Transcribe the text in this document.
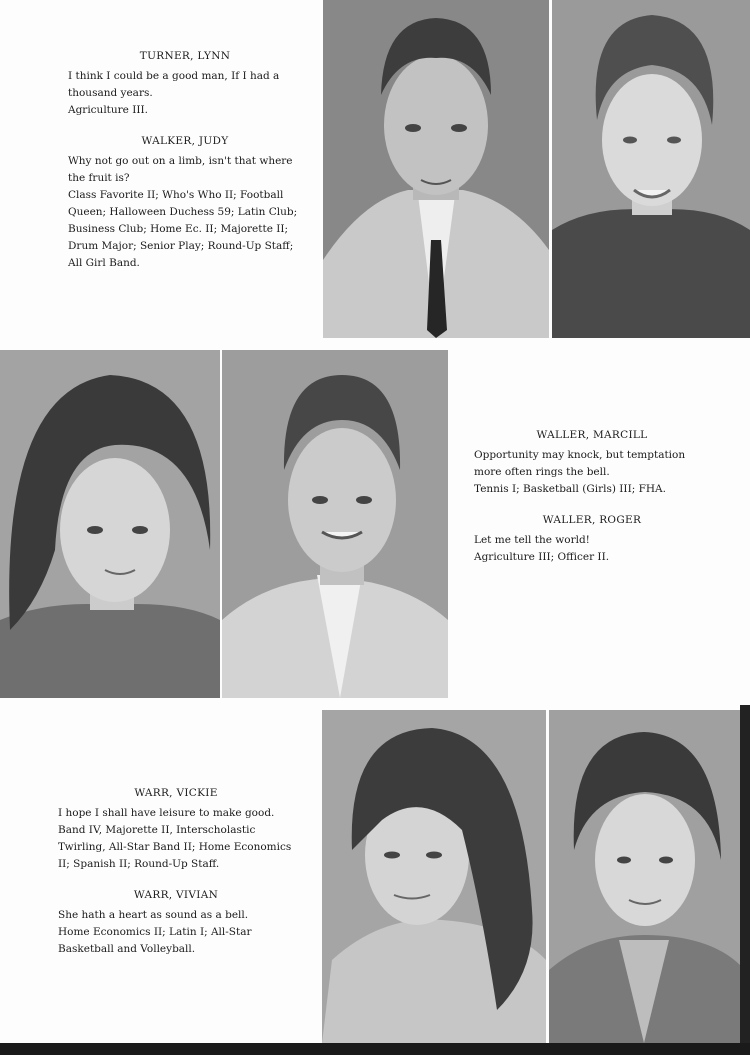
TURNER, LYNN

I think I could be a good man, If I had a thousand years.

Agriculture III.

WALKER, JUDY

Why not go out on a limb, isn't that where the fruit is?

Class Favorite II; Who's Who II; Football Queen; Halloween Duchess 59; Latin Club; Business Club; Home Ec. II; Majorette II; Drum Major; Senior Play; Round-Up Staff; All Girl Band.

WALLER, MARCILL

Opportunity may knock, but temptation more often rings the bell.

Tennis I; Basketball (Girls) III; FHA.

WALLER, ROGER

Let me tell the world!

Agriculture III; Officer II.

WARR, VICKIE

I hope I shall have leisure to make good.

Band IV, Majorette II, Interscholastic Twirling, All-Star Band II; Home Economics II; Spanish II; Round-Up Staff.

WARR, VIVIAN

She hath a heart as sound as a bell.

Home Economics II; Latin I; All-Star Basketball and Volleyball.
